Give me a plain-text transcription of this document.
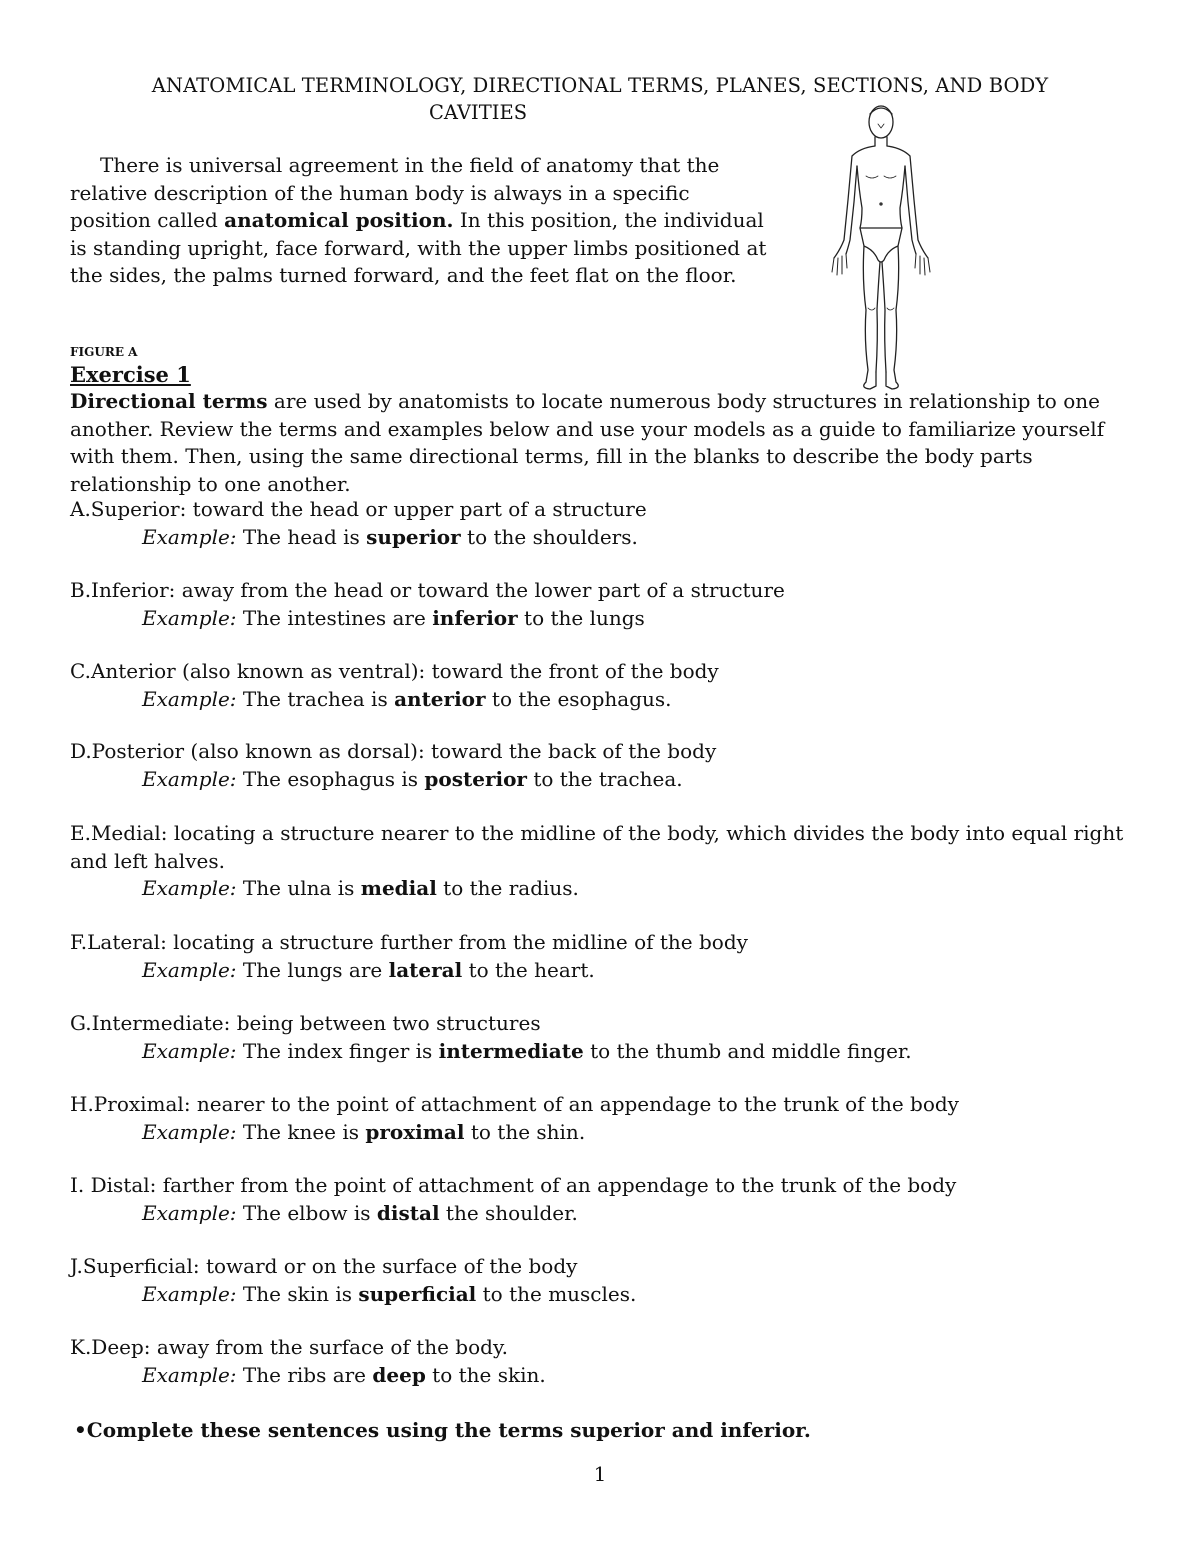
ANATOMICAL TERMINOLOGY, DIRECTIONAL TERMS, PLANES, SECTIONS, AND BODY
CAVITIES
There is universal agreement in the field of anatomy that the relative description of the human body is always in a specific position called anatomical position. In this position, the individual is standing upright, face forward, with the upper limbs positioned at the sides, the palms turned forward, and the feet flat on the floor.
FIGURE A
Exercise 1
Directional terms are used by anatomists to locate numerous body structures in relationship to one another. Review the terms and examples below and use your models as a guide to familiarize yourself with them. Then, using the same directional terms, fill in the blanks to describe the body parts relationship to one another.
A.Superior: toward the head or upper part of a structure
Example: The head is superior to the shoulders.
B.Inferior: away from the head or toward the lower part of a structure
Example: The intestines are inferior to the lungs
C.Anterior (also known as ventral): toward the front of the body
Example: The trachea is anterior to the esophagus.
D.Posterior (also known as dorsal): toward the back of the body
Example: The esophagus is posterior to the trachea.
E.Medial: locating a structure nearer to the midline of the body, which divides the body into equal right and left halves.
Example: The ulna is medial to the radius.
F.Lateral: locating a structure further from the midline of the body
Example: The lungs are lateral to the heart.
G.Intermediate: being between two structures
Example: The index finger is intermediate to the thumb and middle finger.
H.Proximal: nearer to the point of attachment of an appendage to the trunk of the body
Example: The knee is proximal to the shin.
I. Distal: farther from the point of attachment of an appendage to the trunk of the body
Example: The elbow is distal the shoulder.
J.Superficial: toward or on the surface of the body
Example: The skin is superficial to the muscles.
K.Deep: away from the surface of the body.
Example: The ribs are deep to the skin.
•Complete these sentences using the terms superior and inferior.
1
